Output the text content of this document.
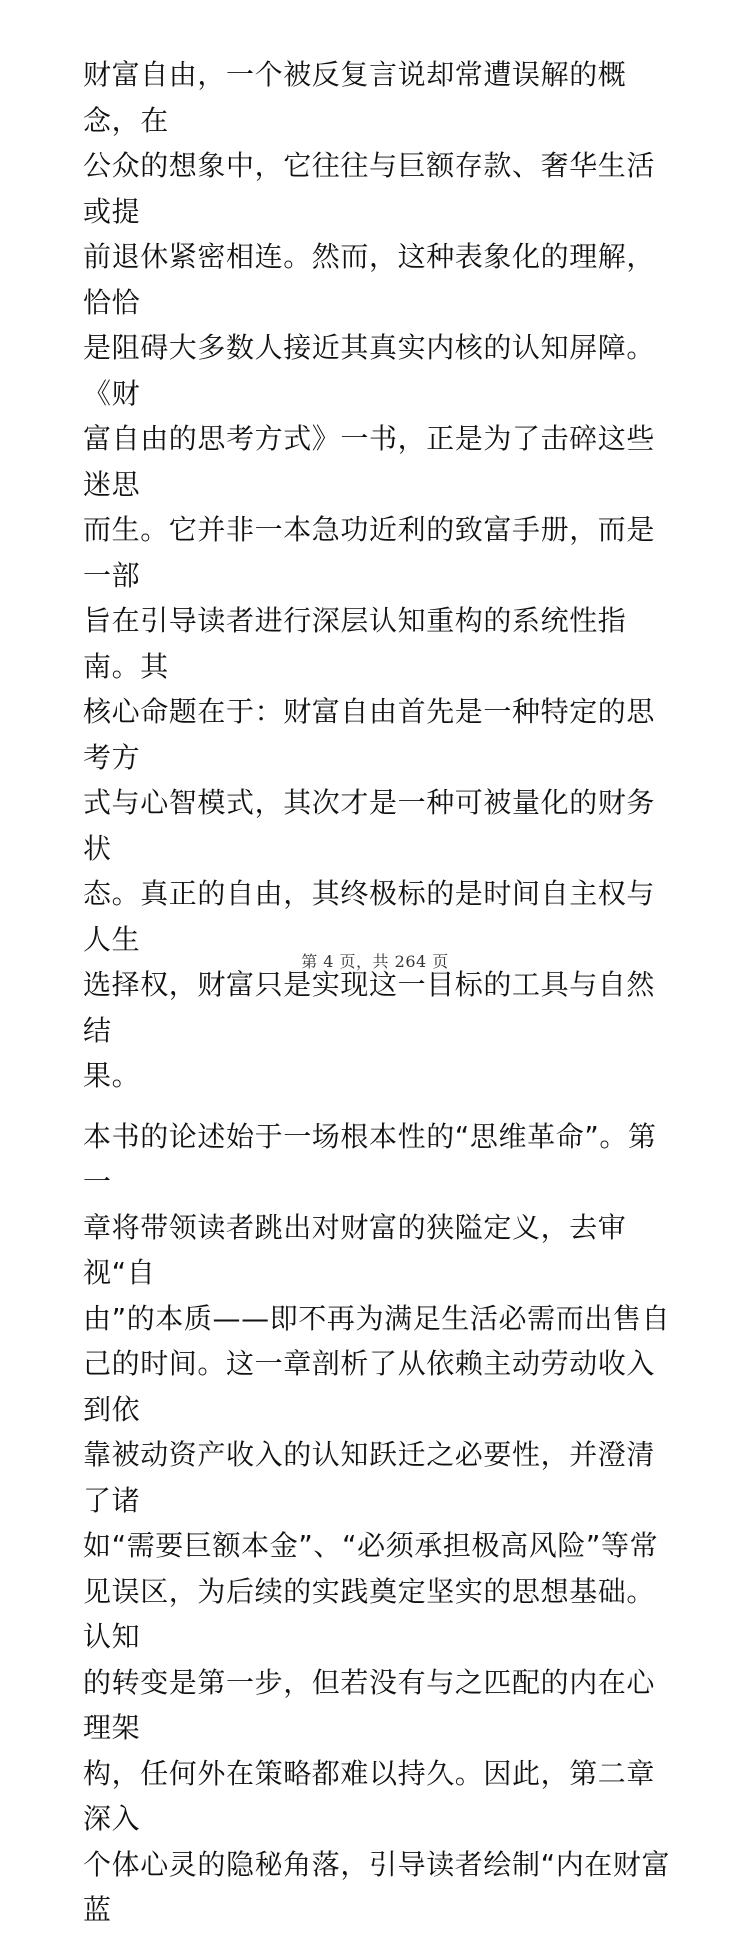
财富自由，一个被反复言说却常遭误解的概念，在
公众的想象中，它往往与巨额存款、奢华生活或提
前退休紧密相连。然而，这种表象化的理解，恰恰
是阻碍大多数人接近其真实内核的认知屏障。《财
富自由的思考方式》一书，正是为了击碎这些迷思
而生。它并非一本急功近利的致富手册，而是一部
旨在引导读者进行深层认知重构的系统性指南。其
核心命题在于：财富自由首先是一种特定的思考方
式与心智模式，其次才是一种可被量化的财务状
态。真正的自由，其终极标的是时间自主权与人生
选择权，财富只是实现这一目标的工具与自然结
果。

本书的论述始于一场根本性的“思维革命”。第一
章将带领读者跳出对财富的狭隘定义，去审视“自
由”的本质——即不再为满足生活必需而出售自
己的时间。这一章剖析了从依赖主动劳动收入到依
靠被动资产收入的认知跃迁之必要性，并澄清了诸
如“需要巨额本金”、“必须承担极高风险”等常
见误区，为后续的实践奠定坚实的思想基础。认知
的转变是第一步，但若没有与之匹配的内在心理架
构，任何外在策略都难以持久。因此，第二章深入
个体心灵的隐秘角落，引导读者绘制“内在财富蓝

第 4 页，共 264 页
